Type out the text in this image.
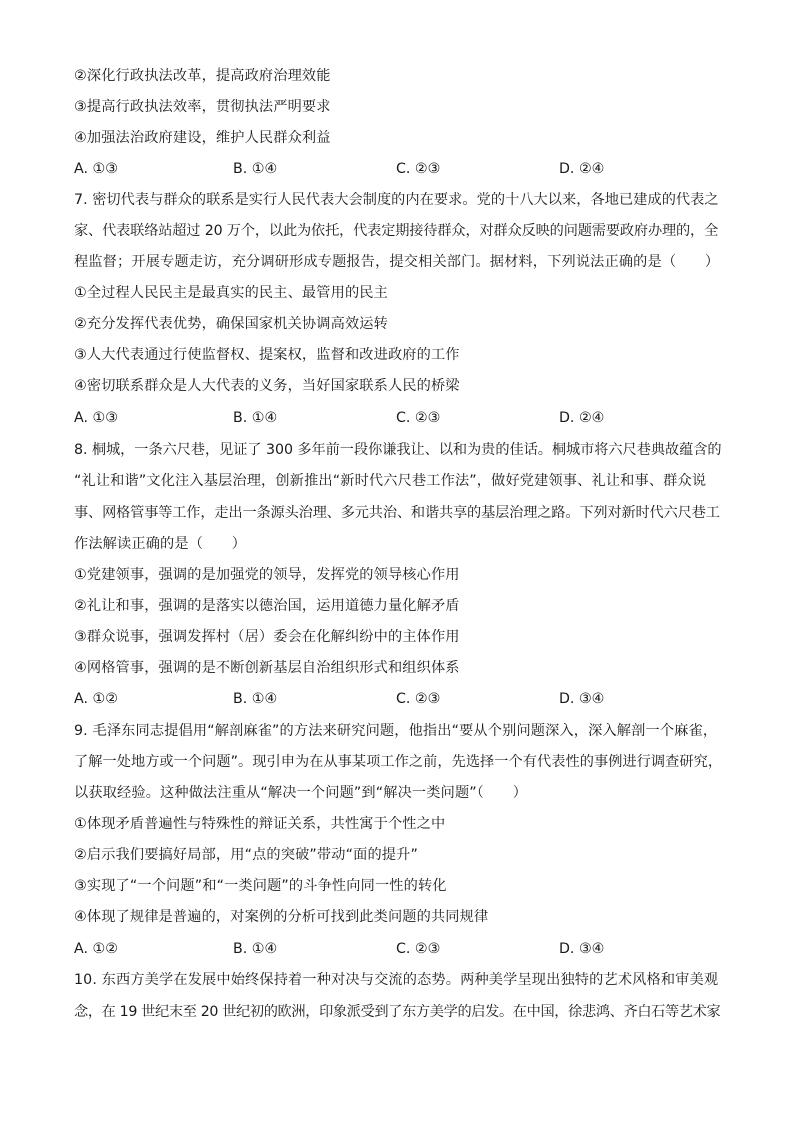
②深化行政执法改革，提高政府治理效能
③提高行政执法效率，贯彻执法严明要求
④加强法治政府建设，维护人民群众利益
A. ①③	B. ①④	C. ②③	D. ②④
7. 密切代表与群众的联系是实行人民代表大会制度的内在要求。党的十八大以来，各地已建成的代表之
家、代表联络站超过 20 万个，以此为依托，代表定期接待群众，对群众反映的问题需要政府办理的，全
程监督；开展专题走访，充分调研形成专题报告，提交相关部门。据材料，下列说法正确的是（　　）
①全过程人民民主是最真实的民主、最管用的民主
②充分发挥代表优势，确保国家机关协调高效运转
③人大代表通过行使监督权、提案权，监督和改进政府的工作
④密切联系群众是人大代表的义务，当好国家联系人民的桥梁
A. ①③	B. ①④	C. ②③	D. ②④
8. 桐城，一条六尺巷，见证了 300 多年前一段你谦我让、以和为贵的佳话。桐城市将六尺巷典故蕴含的
“礼让和谐”文化注入基层治理，创新推出“新时代六尺巷工作法”，做好党建领事、礼让和事、群众说
事、网格管事等工作，走出一条源头治理、多元共治、和谐共享的基层治理之路。下列对新时代六尺巷工
作法解读正确的是（　　）
①党建领事，强调的是加强党的领导，发挥党的领导核心作用
②礼让和事，强调的是落实以德治国，运用道德力量化解矛盾
③群众说事，强调发挥村（居）委会在化解纠纷中的主体作用
④网格管事，强调的是不断创新基层自治组织形式和组织体系
A. ①②	B. ①④	C. ②③	D. ③④
9. 毛泽东同志提倡用“解剖麻雀”的方法来研究问题，他指出“要从个别问题深入，深入解剖一个麻雀，
了解一处地方或一个问题”。现引申为在从事某项工作之前，先选择一个有代表性的事例进行调查研究，
以获取经验。这种做法注重从“解决一个问题”到“解决一类问题”（　　）
①体现矛盾普遍性与特殊性的辩证关系，共性寓于个性之中
②启示我们要搞好局部，用“点的突破”带动“面的提升”
③实现了“一个问题”和“一类问题”的斗争性向同一性的转化
④体现了规律是普遍的，对案例的分析可找到此类问题的共同规律
A. ①②	B. ①④	C. ②③	D. ③④
10. 东西方美学在发展中始终保持着一种对决与交流的态势。两种美学呈现出独特的艺术风格和审美观
念，在 19 世纪末至 20 世纪初的欧洲，印象派受到了东方美学的启发。在中国，徐悲鸿、齐白石等艺术家
